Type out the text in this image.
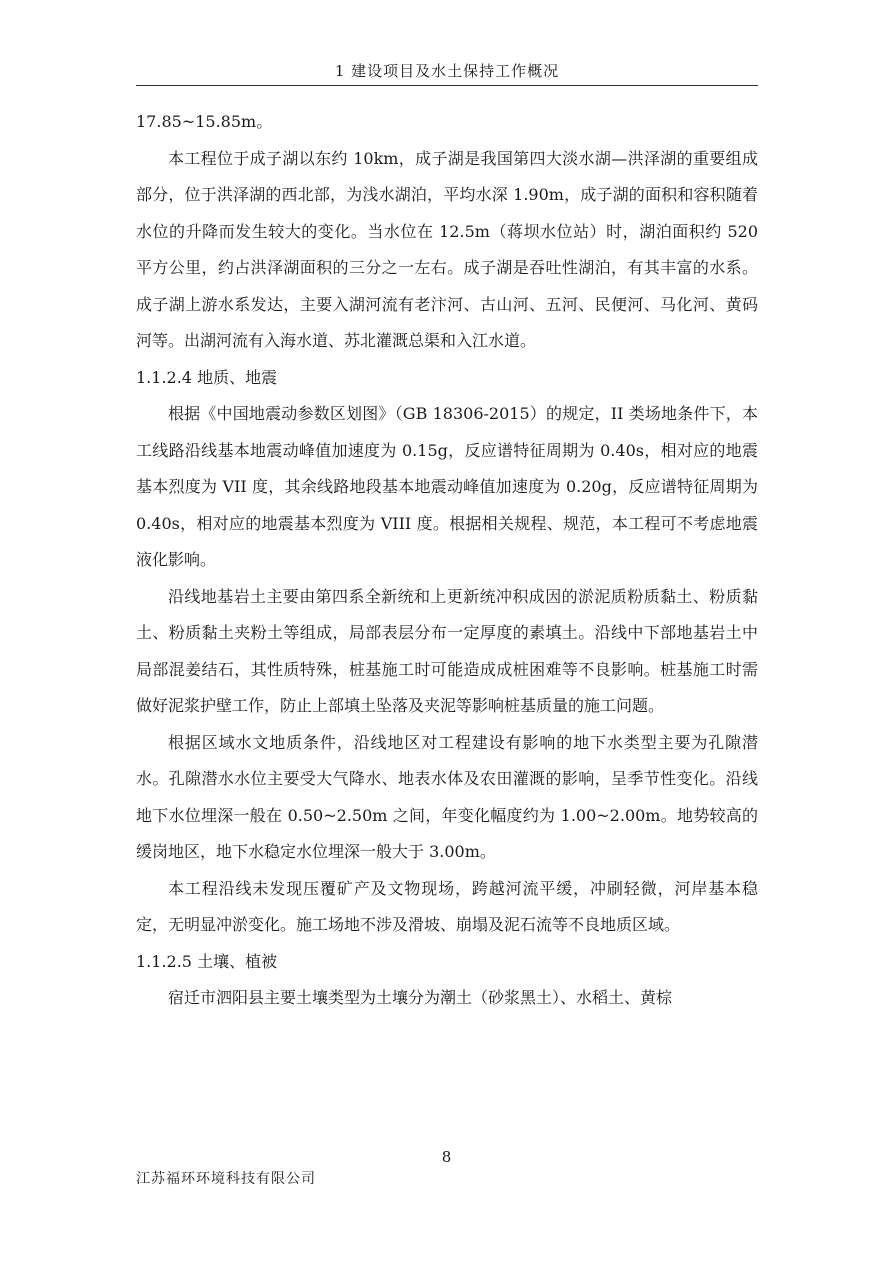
1 建设项目及水土保持工作概况

17.85~15.85m。

本工程位于成子湖以东约 10km，成子湖是我国第四大淡水湖—洪泽湖的重要组成部分，位于洪泽湖的西北部，为浅水湖泊，平均水深 1.90m，成子湖的面积和容积随着水位的升降而发生较大的变化。当水位在 12.5m（蒋坝水位站）时，湖泊面积约 520 平方公里，约占洪泽湖面积的三分之一左右。成子湖是吞吐性湖泊，有其丰富的水系。成子湖上游水系发达，主要入湖河流有老汴河、古山河、五河、民便河、马化河、黄码河等。出湖河流有入海水道、苏北灌溉总渠和入江水道。

1.1.2.4 地质、地震

根据《中国地震动参数区划图》（GB 18306-2015）的规定，II 类场地条件下，本工线路沿线基本地震动峰值加速度为 0.15g，反应谱特征周期为 0.40s，相对应的地震基本烈度为 VII 度，其余线路地段基本地震动峰值加速度为 0.20g，反应谱特征周期为 0.40s，相对应的地震基本烈度为 VIII 度。根据相关规程、规范，本工程可不考虑地震液化影响。

沿线地基岩土主要由第四系全新统和上更新统冲积成因的淤泥质粉质黏土、粉质黏土、粉质黏土夹粉土等组成，局部表层分布一定厚度的素填土。沿线中下部地基岩土中局部混姜结石，其性质特殊，桩基施工时可能造成成桩困难等不良影响。桩基施工时需做好泥浆护壁工作，防止上部填土坠落及夹泥等影响桩基质量的施工问题。

根据区域水文地质条件，沿线地区对工程建设有影响的地下水类型主要为孔隙潜水。孔隙潜水水位主要受大气降水、地表水体及农田灌溉的影响，呈季节性变化。沿线地下水位埋深一般在 0.50~2.50m 之间，年变化幅度约为 1.00~2.00m。地势较高的缓岗地区，地下水稳定水位埋深一般大于 3.00m。

本工程沿线未发现压覆矿产及文物现场，跨越河流平缓，冲刷轻微，河岸基本稳定，无明显冲淤变化。施工场地不涉及滑坡、崩塌及泥石流等不良地质区域。

1.1.2.5 土壤、植被

宿迁市泗阳县主要土壤类型为土壤分为潮土（砂浆黑土）、水稻土、黄棕

8
江苏福环环境科技有限公司
